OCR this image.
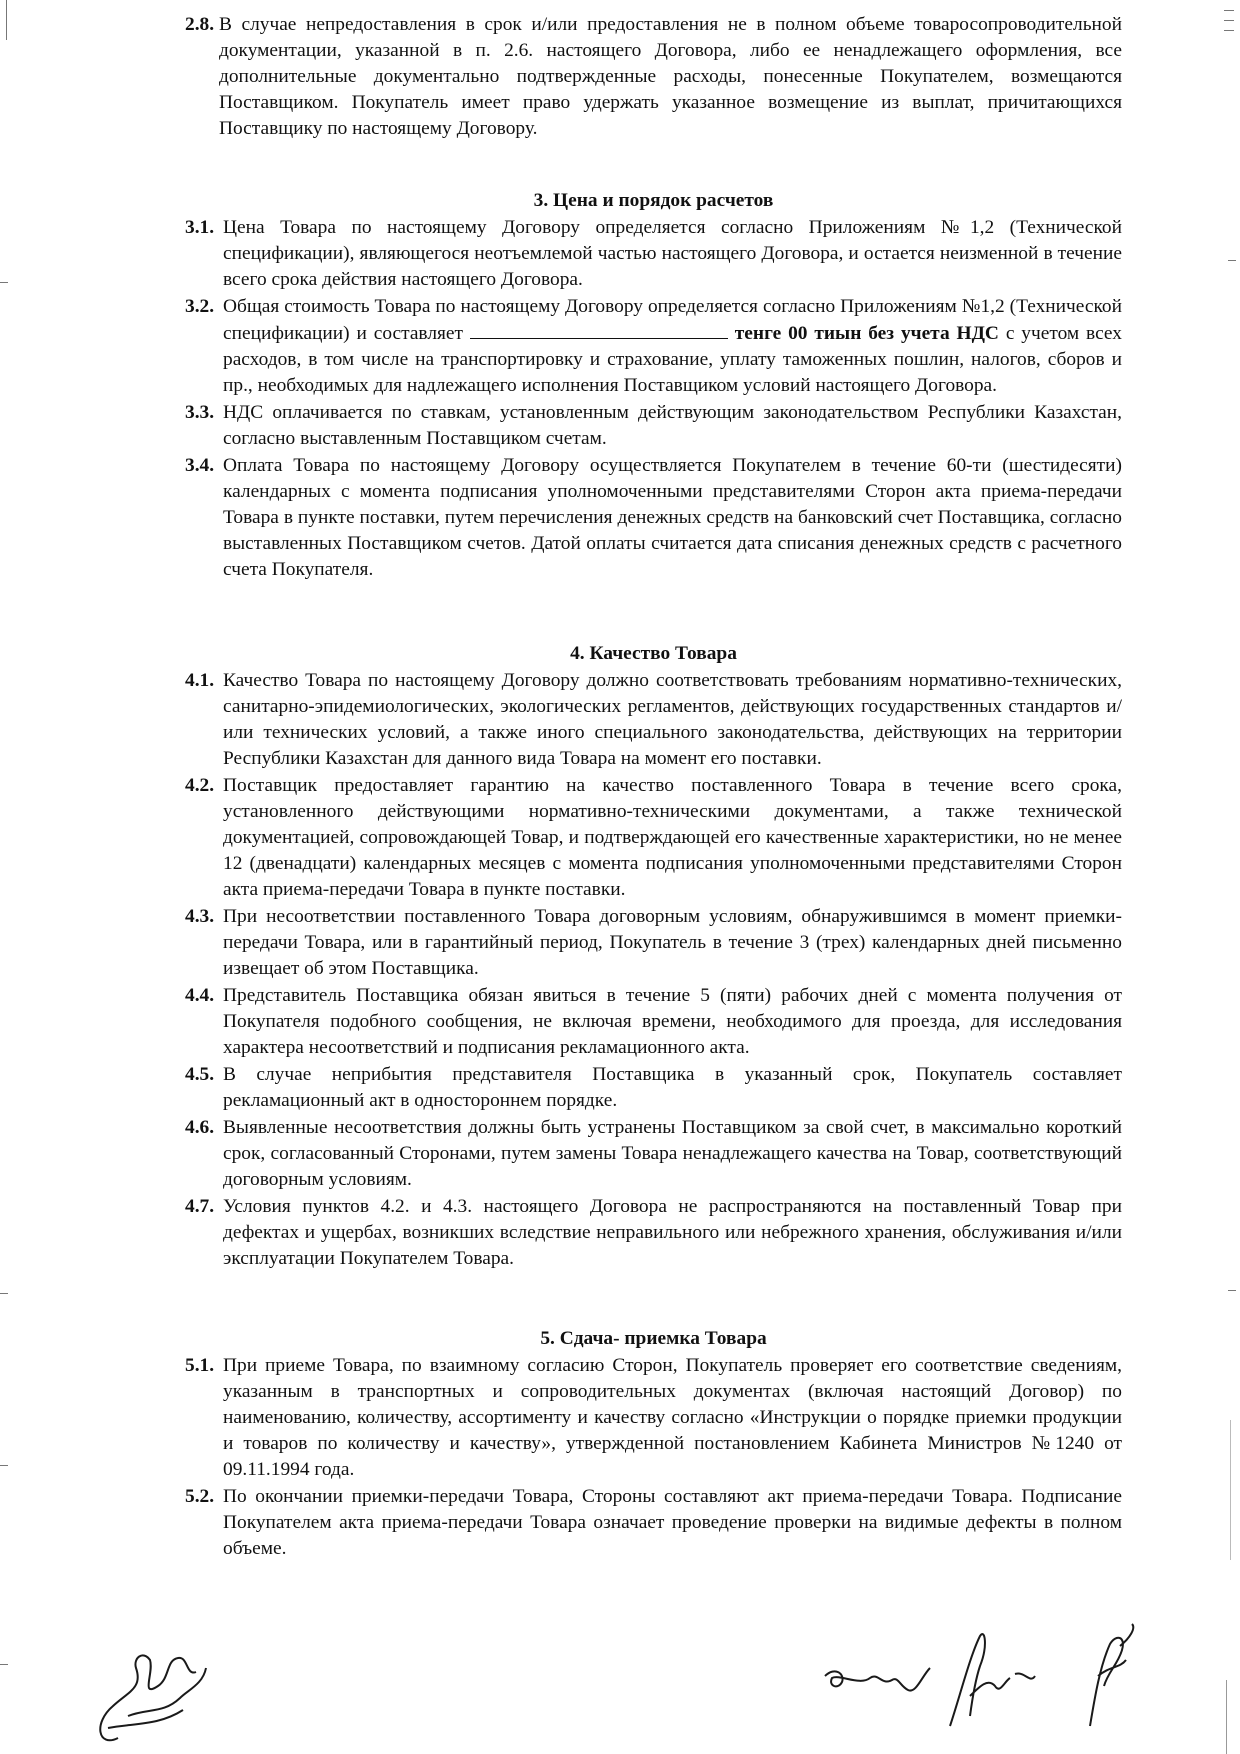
2.8. В случае непредоставления в срок и/или предоставления не в полном объеме товаросопроводительной документации, указанной в п. 2.6. настоящего Договора, либо ее ненадлежащего оформления, все дополнительные документально подтвержденные расходы, понесенные Покупателем, возмещаются Поставщиком. Покупатель имеет право удержать указанное возмещение из выплат, причитающихся Поставщику по настоящему Договору.

3. Цена и порядок расчетов

3.1. Цена Товара по настоящему Договору определяется согласно Приложениям №1,2 (Технической спецификации), являющегося неотъемлемой частью настоящего Договора, и остается неизменной в течение всего срока действия настоящего Договора.

3.2. Общая стоимость Товара по настоящему Договору определяется согласно Приложениям №1,2 (Технической спецификации) и составляет	тенге 00 тиын без учета НДС с учетом всех расходов, в том числе на транспортировку и страхование, уплату таможенных пошлин, налогов, сборов и пр., необходимых для надлежащего исполнения Поставщиком условий настоящего Договора.

3.3. НДС оплачивается по ставкам, установленным действующим законодательством Республики Казахстан, согласно выставленным Поставщиком счетам.

3.4. Оплата Товара по настоящему Договору осуществляется Покупателем в течение 60-ти (шестидесяти) календарных с момента подписания уполномоченными представителями Сторон акта приема-передачи Товара в пункте поставки, путем перечисления денежных средств на банковский счет Поставщика, согласно выставленных Поставщиком счетов. Датой оплаты считается дата списания денежных средств с расчетного счета Покупателя.

4. Качество Товара

4.1. Качество Товара по настоящему Договору должно соответствовать требованиям нормативно-технических, санитарно-эпидемиологических, экологических регламентов, действующих государственных стандартов и/или технических условий, а также иного специального законодательства, действующих на территории Республики Казахстан для данного вида Товара на момент его поставки.

4.2. Поставщик предоставляет гарантию на качество поставленного Товара в течение всего срока, установленного действующими нормативно-техническими документами, а также технической документацией, сопровождающей Товар, и подтверждающей его качественные характеристики, но не менее 12 (двенадцати) календарных месяцев с момента подписания уполномоченными представителями Сторон акта приема-передачи Товара в пункте поставки.

4.3. При несоответствии поставленного Товара договорным условиям, обнаружившимся в момент приемки-передачи Товара, или в гарантийный период, Покупатель в течение 3 (трех) календарных дней письменно извещает об этом Поставщика.

4.4. Представитель Поставщика обязан явиться в течение 5 (пяти) рабочих дней с момента получения от Покупателя подобного сообщения, не включая времени, необходимого для проезда, для исследования характера несоответствий и подписания рекламационного акта.

4.5. В случае неприбытия представителя Поставщика в указанный срок, Покупатель составляет рекламационный акт в одностороннем порядке.

4.6. Выявленные несоответствия должны быть устранены Поставщиком за свой счет, в максимально короткий срок, согласованный Сторонами, путем замены Товара ненадлежащего качества на Товар, соответствующий договорным условиям.

4.7. Условия пунктов 4.2. и 4.3. настоящего Договора не распространяются на поставленный Товар при дефектах и ущербах, возникших вследствие неправильного или небрежного хранения, обслуживания и/или эксплуатации Покупателем Товара.

5. Сдача- приемка Товара

5.1. При приеме Товара, по взаимному согласию Сторон, Покупатель проверяет его соответствие сведениям, указанным в транспортных и сопроводительных документах (включая настоящий Договор) по наименованию, количеству, ассортименту и качеству согласно «Инструкции о порядке приемки продукции и товаров по количеству и качеству», утвержденной постановлением Кабинета Министров №1240 от 09.11.1994 года.

5.2. По окончании приемки-передачи Товара, Стороны составляют акт приема-передачи Товара. Подписание Покупателем акта приема-передачи Товара означает проведение проверки на видимые дефекты в полном объеме.
